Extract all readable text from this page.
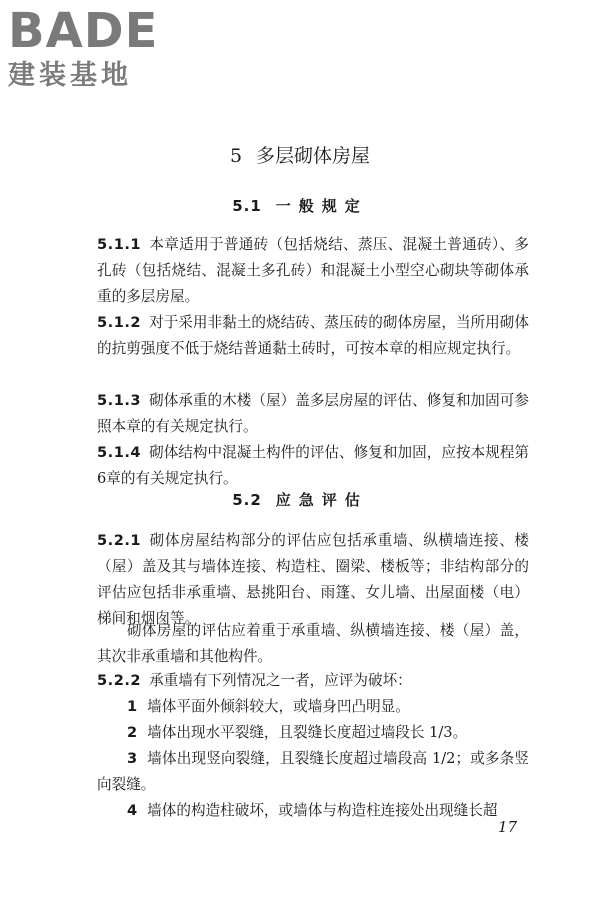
BADE
建装基地
5 多层砌体房屋
5.1 一般规定
5.1.1 本章适用于普通砖（包括烧结、蒸压、混凝土普通砖）、多孔砖（包括烧结、混凝土多孔砖）和混凝土小型空心砌块等砌体承重的多层房屋。
5.1.2 对于采用非黏土的烧结砖、蒸压砖的砌体房屋，当所用砌体的抗剪强度不低于烧结普通黏土砖时，可按本章的相应规定执行。
5.1.3 砌体承重的木楼（屋）盖多层房屋的评估、修复和加固可参照本章的有关规定执行。
5.1.4 砌体结构中混凝土构件的评估、修复和加固，应按本规程第6章的有关规定执行。
5.2 应急评估
5.2.1 砌体房屋结构部分的评估应包括承重墙、纵横墙连接、楼（屋）盖及其与墙体连接、构造柱、圈梁、楼板等；非结构部分的评估应包括非承重墙、悬挑阳台、雨篷、女儿墙、出屋面楼（电）梯间和烟囱等。
砌体房屋的评估应着重于承重墙、纵横墙连接、楼（屋）盖，其次非承重墙和其他构件。
5.2.2 承重墙有下列情况之一者，应评为破坏：
1 墙体平面外倾斜较大，或墙身凹凸明显。
2 墙体出现水平裂缝，且裂缝长度超过墙段长 1/3。
3 墙体出现竖向裂缝，且裂缝长度超过墙段高 1/2；或多条竖向裂缝。
4 墙体的构造柱破坏，或墙体与构造柱连接处出现缝长超
17
